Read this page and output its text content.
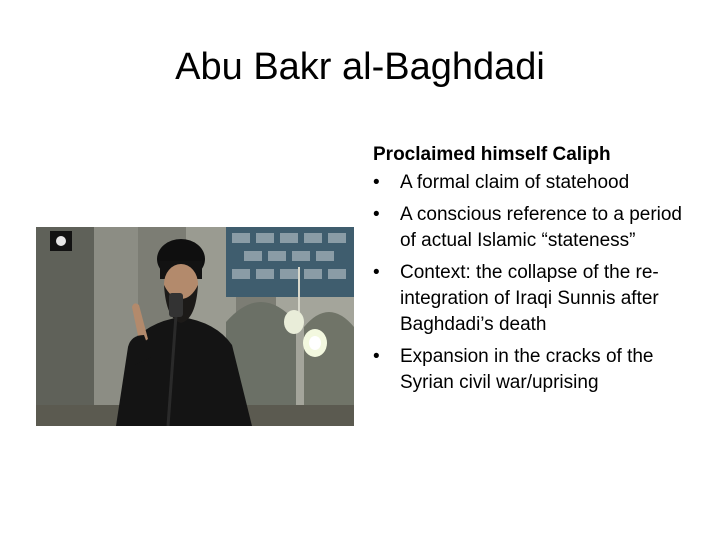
Abu Bakr al-Baghdadi
Proclaimed himself Caliph
•	A formal claim of statehood
•	A conscious reference to a period of actual Islamic “stateness”
•	Context: the collapse of the re-integration of Iraqi Sunnis after Baghdadi’s death
•	Expansion in the cracks of the Syrian civil war/uprising
